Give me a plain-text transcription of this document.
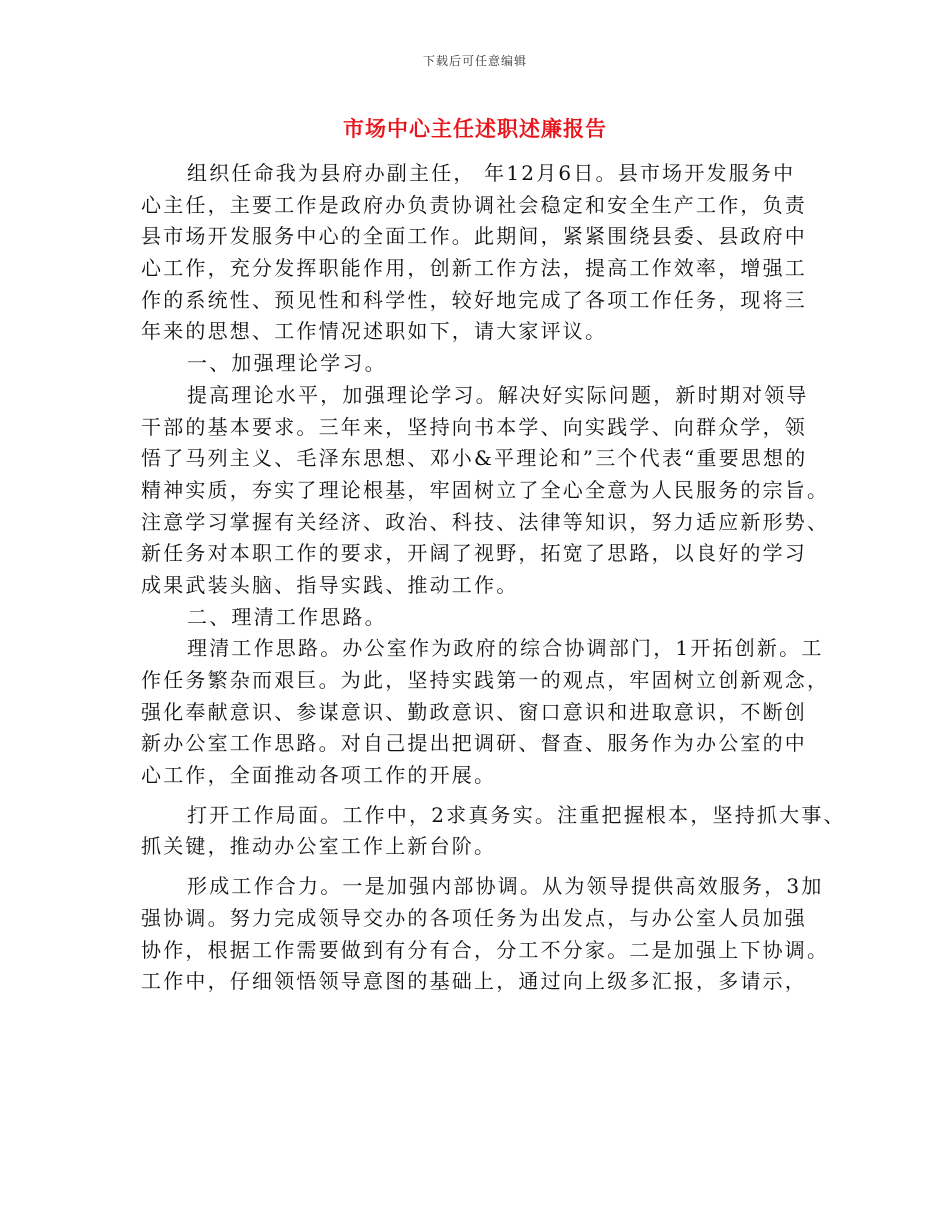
下载后可任意编辑
市场中心主任述职述廉报告
组织任命我为县府办副主任， 年12月6日。县市场开发服务中
心主任，主要工作是政府办负责协调社会稳定和安全生产工作，负责
县市场开发服务中心的全面工作。此期间，紧紧围绕县委、县政府中
心工作，充分发挥职能作用，创新工作方法，提高工作效率，增强工
作的系统性、预见性和科学性，较好地完成了各项工作任务，现将三
年来的思想、工作情况述职如下，请大家评议。
一、加强理论学习。
提高理论水平，加强理论学习。解决好实际问题，新时期对领导
干部的基本要求。三年来，坚持向书本学、向实践学、向群众学，领
悟了马列主义、毛泽东思想、邓小&平理论和”三个代表“重要思想的
精神实质，夯实了理论根基，牢固树立了全心全意为人民服务的宗旨。
注意学习掌握有关经济、政治、科技、法律等知识，努力适应新形势、
新任务对本职工作的要求，开阔了视野，拓宽了思路，以良好的学习
成果武装头脑、指导实践、推动工作。
二、理清工作思路。
理清工作思路。办公室作为政府的综合协调部门，1开拓创新。工
作任务繁杂而艰巨。为此，坚持实践第一的观点，牢固树立创新观念，
强化奉献意识、参谋意识、勤政意识、窗口意识和进取意识，不断创
新办公室工作思路。对自己提出把调研、督查、服务作为办公室的中
心工作，全面推动各项工作的开展。
打开工作局面。工作中，2求真务实。注重把握根本，坚持抓大事、
抓关键，推动办公室工作上新台阶。
形成工作合力。一是加强内部协调。从为领导提供高效服务，3加
强协调。努力完成领导交办的各项任务为出发点，与办公室人员加强
协作，根据工作需要做到有分有合，分工不分家。二是加强上下协调。
工作中，仔细领悟领导意图的基础上，通过向上级多汇报，多请示，
